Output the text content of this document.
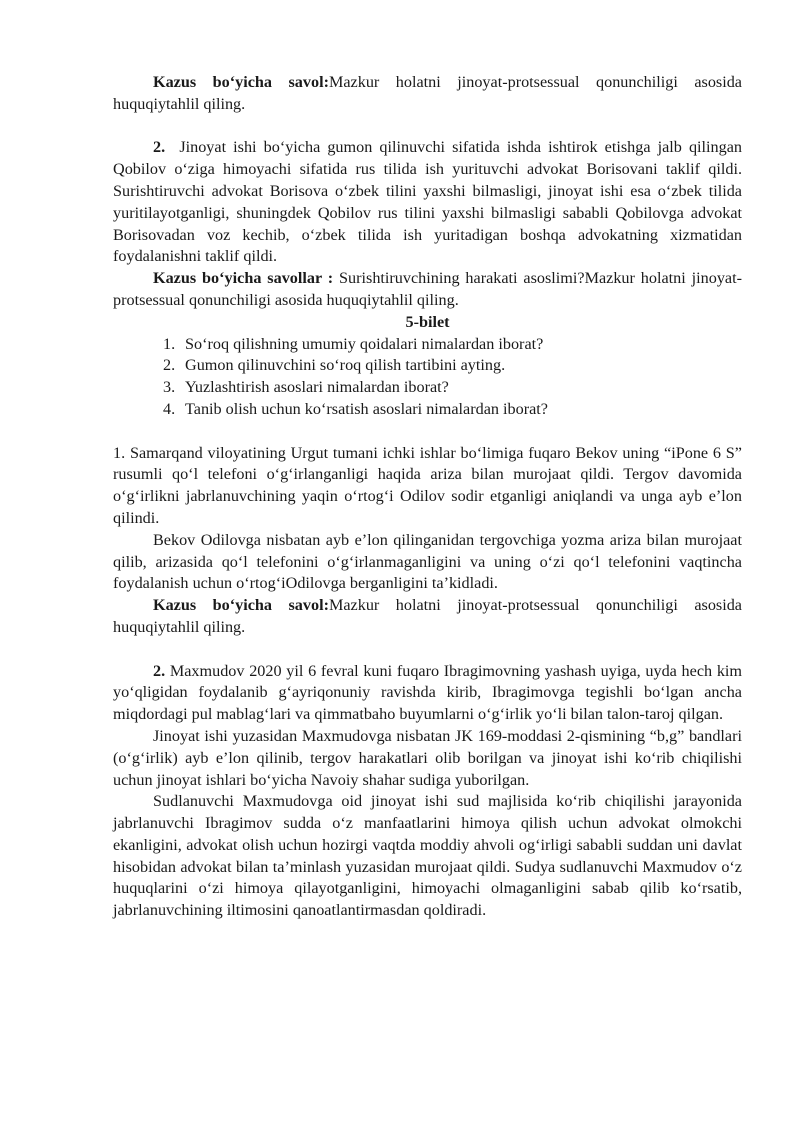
Kazus bo‘yicha savol:Mazkur holatni jinoyat-protsessual qonunchiligi asosida huquqiytahlil qiling.

2. Jinoyat ishi bo‘yicha gumon qilinuvchi sifatida ishda ishtirok etishga jalb qilingan Qobilov o‘ziga himoyachi sifatida rus tilida ish yurituvchi advokat Borisovani taklif qildi. Surishtiruvchi advokat Borisova o‘zbek tilini yaxshi bilmasligi, jinoyat ishi esa o‘zbek tilida yuritilayotganligi, shuningdek Qobilov rus tilini yaxshi bilmasligi sababli Qobilovga advokat Borisovadan voz kechib, o‘zbek tilida ish yuritadigan boshqa advokatning xizmatidan foydalanishni taklif qildi.

Kazus bo‘yicha savollar : Surishtiruvchining harakati asoslimi?Mazkur holatni jinoyat-protsessual qonunchiligi asosida huquqiytahlil qiling.

5-bilet

1. So‘roq qilishning umumiy qoidalari nimalardan iborat?
2. Gumon qilinuvchini so‘roq qilish tartibini ayting.
3. Yuzlashtirish asoslari nimalardan iborat?
4. Tanib olish uchun ko‘rsatish asoslari nimalardan iborat?

1. Samarqand viloyatining Urgut tumani ichki ishlar bo‘limiga fuqaro Bekov uning “iPone 6 S” rusumli qo‘l telefoni o‘g‘irlanganligi haqida ariza bilan murojaat qildi. Tergov davomida o‘g‘irlikni jabrlanuvchining yaqin o‘rtog‘i Odilov sodir etganligi aniqlandi va unga ayb e’lon qilindi.

Bekov Odilovga nisbatan ayb e’lon qilinganidan tergovchiga yozma ariza bilan murojaat qilib, arizasida qo‘l telefonini o‘g‘irlanmaganligini va uning o‘zi qo‘l telefonini vaqtincha foydalanish uchun o‘rtog‘iOdilovga berganligini ta’kidladi.

Kazus bo‘yicha savol:Mazkur holatni jinoyat-protsessual qonunchiligi asosida huquqiytahlil qiling.

2. Maxmudov 2020 yil 6 fevral kuni fuqaro Ibragimovning yashash uyiga, uyda hech kim yo‘qligidan foydalanib g‘ayriqonuniy ravishda kirib, Ibragimovga tegishli bo‘lgan ancha miqdordagi pul mablag‘lari va qimmatbaho buyumlarni o‘g‘irlik yo‘li bilan talon-taroj qilgan.

Jinoyat ishi yuzasidan Maxmudovga nisbatan JK 169-moddasi 2-qismining “b,g” bandlari (o‘g‘irlik) ayb e’lon qilinib, tergov harakatlari olib borilgan va jinoyat ishi ko‘rib chiqilishi uchun jinoyat ishlari bo‘yicha Navoiy shahar sudiga yuborilgan.

Sudlanuvchi Maxmudovga oid jinoyat ishi sud majlisida ko‘rib chiqilishi jarayonida jabrlanuvchi Ibragimov sudda o‘z manfaatlarini himoya qilish uchun advokat olmokchi ekanligini, advokat olish uchun hozirgi vaqtda moddiy ahvoli og‘irligi sababli suddan uni davlat hisobidan advokat bilan ta’minlash yuzasidan murojaat qildi. Sudya sudlanuvchi Maxmudov o‘z huquqlarini o‘zi himoya qilayotganligini, himoyachi olmaganligini sabab qilib ko‘rsatib, jabrlanuvchining iltimosini qanoatlantirmasdan qoldiradi.
